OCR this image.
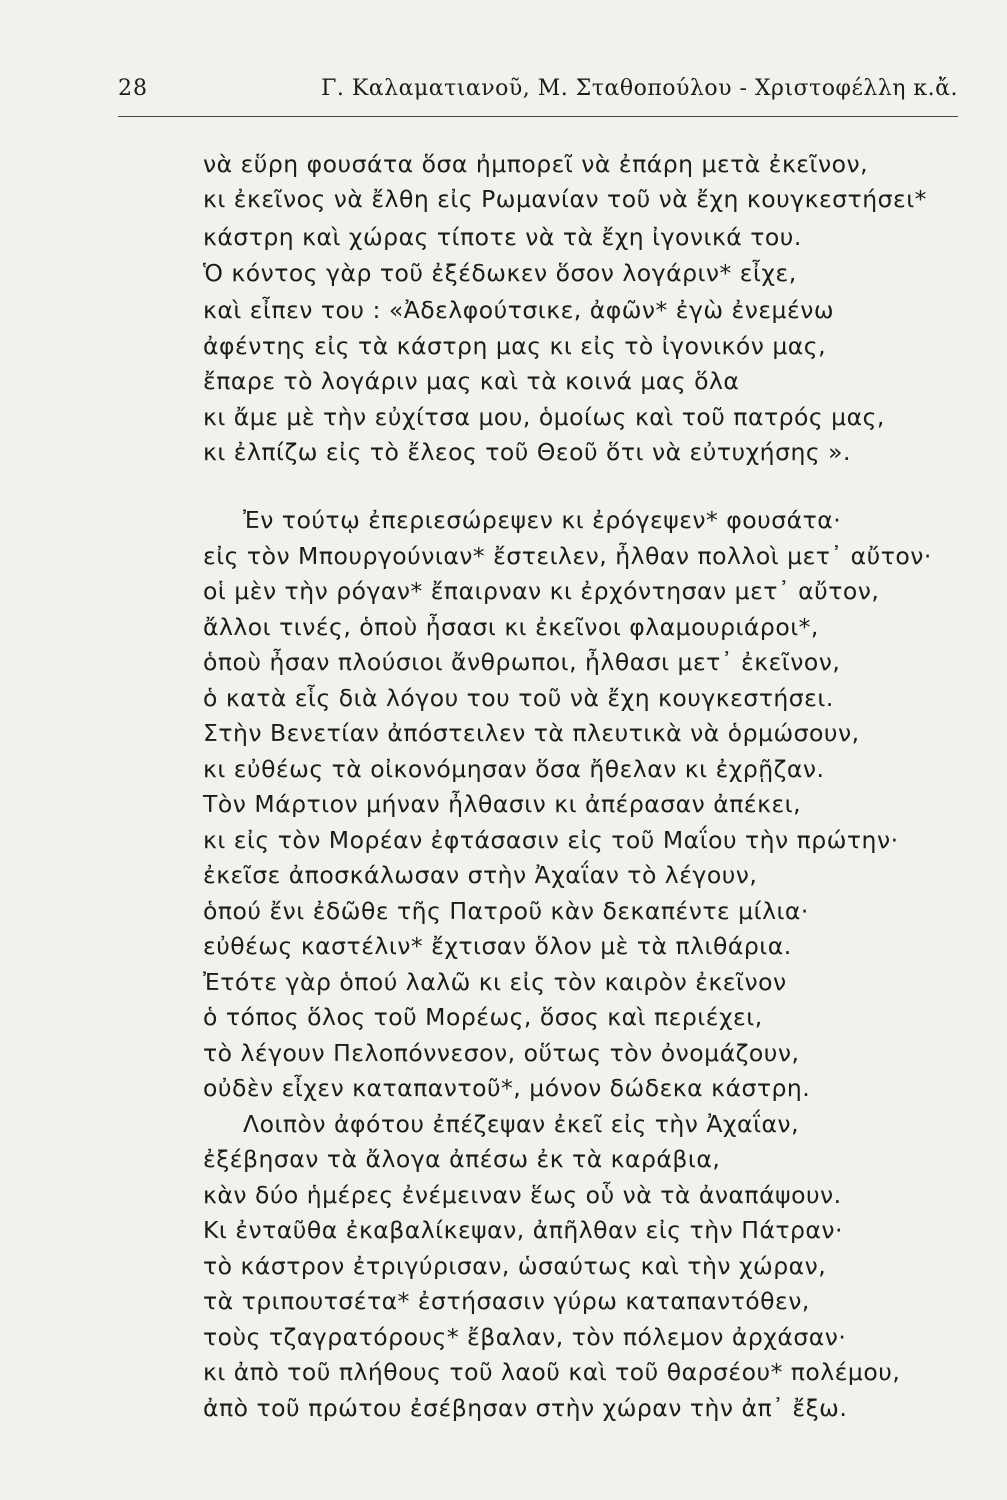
28	Γ. Καλαματιανοῦ, Μ. Σταθοπούλου - Χριστοφέλλη κ.ἄ.
νὰ εὕρη φουσάτα ὅσα ἠμπορεῖ νὰ ἐπάρη μετὰ ἐκεῖνον,
κι ἐκεῖνος νὰ ἔλθη εἰς Ρωμανίαν τοῦ νὰ ἔχη κουγκεστήσει*
κάστρη καὶ χώρας τίποτε νὰ τὰ ἔχη ἰγονικά του.
Ὁ κόντος γὰρ τοῦ ἐξέδωκεν ὅσον λογάριν* εἶχε,
καὶ εἶπεν του : «Ἀδελφούτσικε, ἀφῶν* ἐγὼ ἐνεμένω
ἀφέντης εἰς τὰ κάστρη μας κι εἰς τὸ ἰγονικόν μας,
ἔπαρε τὸ λογάριν μας καὶ τὰ κοινά μας ὅλα
κι ἄμε μὲ τὴν εὐχίτσα μου, ὁμοίως καὶ τοῦ πατρός μας,
κι ἐλπίζω εἰς τὸ ἔλεος τοῦ Θεοῦ ὅτι νὰ εὐτυχήσης ».
Ἐν τούτῳ ἐπεριεσώρεψεν κι ἐρόγεψεν* φουσάτα·
εἰς τὸν Μπουργούνιαν* ἔστειλεν, ἦλθαν πολλοὶ μετ᾽ αὔτον·
οἱ μὲν τὴν ρόγαν* ἔπαιρναν κι ἐρχόντησαν μετ᾽ αὔτον,
ἄλλοι τινές, ὁποὺ ἦσασι κι ἐκεῖνοι φλαμουριάροι*,
ὁποὺ ἦσαν πλούσιοι ἄνθρωποι, ἦλθασι μετ᾽ ἐκεῖνον,
ὁ κατὰ εἷς διὰ λόγου του τοῦ νὰ ἔχη κουγκεστήσει.
Στὴν Βενετίαν ἀπόστειλεν τὰ πλευτικὰ νὰ ὁρμώσουν,
κι εὐθέως τὰ οἰκονόμησαν ὅσα ἤθελαν κι ἐχρῇζαν.
Τὸν Μάρτιον μήναν ἦλθασιν κι ἀπέρασαν ἀπέκει,
κι εἰς τὸν Μορέαν ἐφτάσασιν εἰς τοῦ Μαΐου τὴν πρώτην·
ἐκεῖσε ἀποσκάλωσαν στὴν Ἀχαΐαν τὸ λέγουν,
ὁπού ἔνι ἐδῶθε τῆς Πατροῦ κὰν δεκαπέντε μίλια·
εὐθέως καστέλιν* ἔχτισαν ὅλον μὲ τὰ πλιθάρια.
Ἐτότε γὰρ ὁπού λαλῶ κι εἰς τὸν καιρὸν ἐκεῖνον
ὁ τόπος ὅλος τοῦ Μορέως, ὅσος καὶ περιέχει,
τὸ λέγουν Πελοπόννεσον, οὕτως τὸν ὀνομάζουν,
οὐδὲν εἶχεν καταπαντοῦ*, μόνον δώδεκα κάστρη.
Λοιπὸν ἀφότου ἐπέζεψαν ἐκεῖ εἰς τὴν Ἀχαΐαν,
ἐξέβησαν τὰ ἄλογα ἀπέσω ἐκ τὰ καράβια,
κὰν δύο ἡμέρες ἐνέμειναν ἕως οὗ νὰ τὰ ἀναπάψουν.
Κι ἐνταῦθα ἐκαβαλίκεψαν, ἀπῆλθαν εἰς τὴν Πάτραν·
τὸ κάστρον ἐτριγύρισαν, ὡσαύτως καὶ τὴν χώραν,
τὰ τριπουτσέτα* ἐστήσασιν γύρω καταπαντόθεν,
τοὺς τζαγρατόρους* ἔβαλαν, τὸν πόλεμον ἀρχάσαν·
κι ἀπὸ τοῦ πλήθους τοῦ λαοῦ καὶ τοῦ θαρσέου* πολέμου,
ἀπὸ τοῦ πρώτου ἐσέβησαν στὴν χώραν τὴν ἀπ᾽ ἔξω.
